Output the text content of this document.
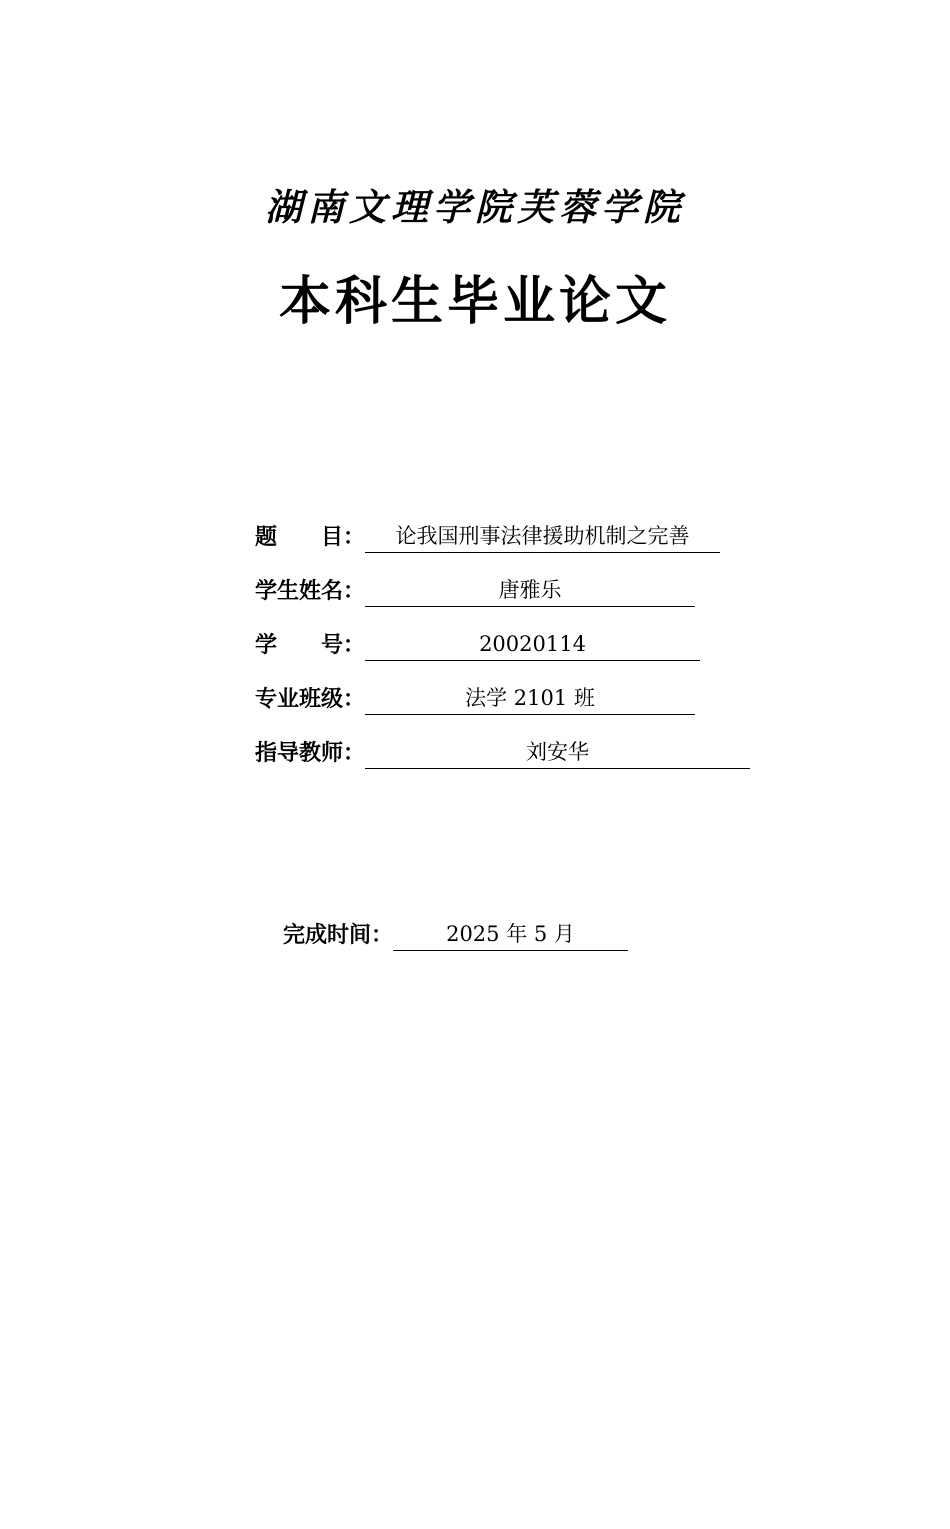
湖南文理学院芙蓉学院
本科生毕业论文
题　　目：	论我国刑事法律援助机制之完善
学生姓名：	唐雅乐
学　　号：	20020114
专业班级：	法学 2101 班
指导教师：	刘安华
完成时间：	2025 年 5 月
